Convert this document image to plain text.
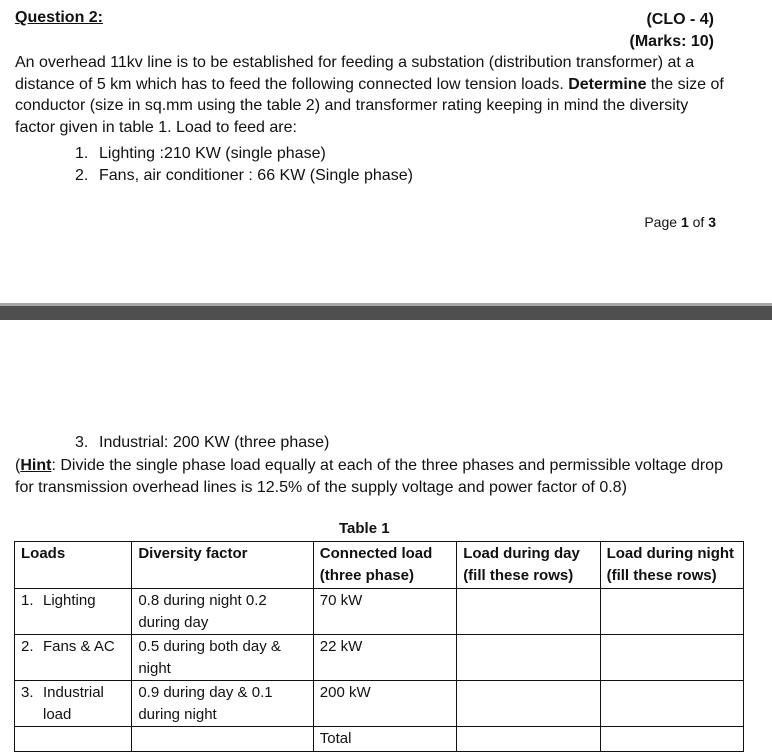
Question 2:	(CLO - 4)
(Marks: 10)
An overhead 11kv line is to be established for feeding a substation (distribution transformer) at a distance of 5 km which has to feed the following connected low tension loads. Determine the size of conductor (size in sq.mm using the table 2) and transformer rating keeping in mind the diversity factor given in table 1. Load to feed are:
1. Lighting :210 KW (single phase)
2. Fans, air conditioner : 66 KW (Single phase)
Page 1 of 3
3. Industrial: 200 KW (three phase)
(Hint: Divide the single phase load equally at each of the three phases and permissible voltage drop for transmission overhead lines is 12.5% of the supply voltage and power factor of 0.8)
Table 1
Loads	Diversity factor	Connected load (three phase)	Load during day (fill these rows)	Load during night (fill these rows)

1. Lighting	0.8 during night 0.2 during day	70 kW		

2. Fans & AC	0.5 during both day & night	22 kW		

3. Industrial load	0.9 during day & 0.1 during night	200 kW		
		Total		
